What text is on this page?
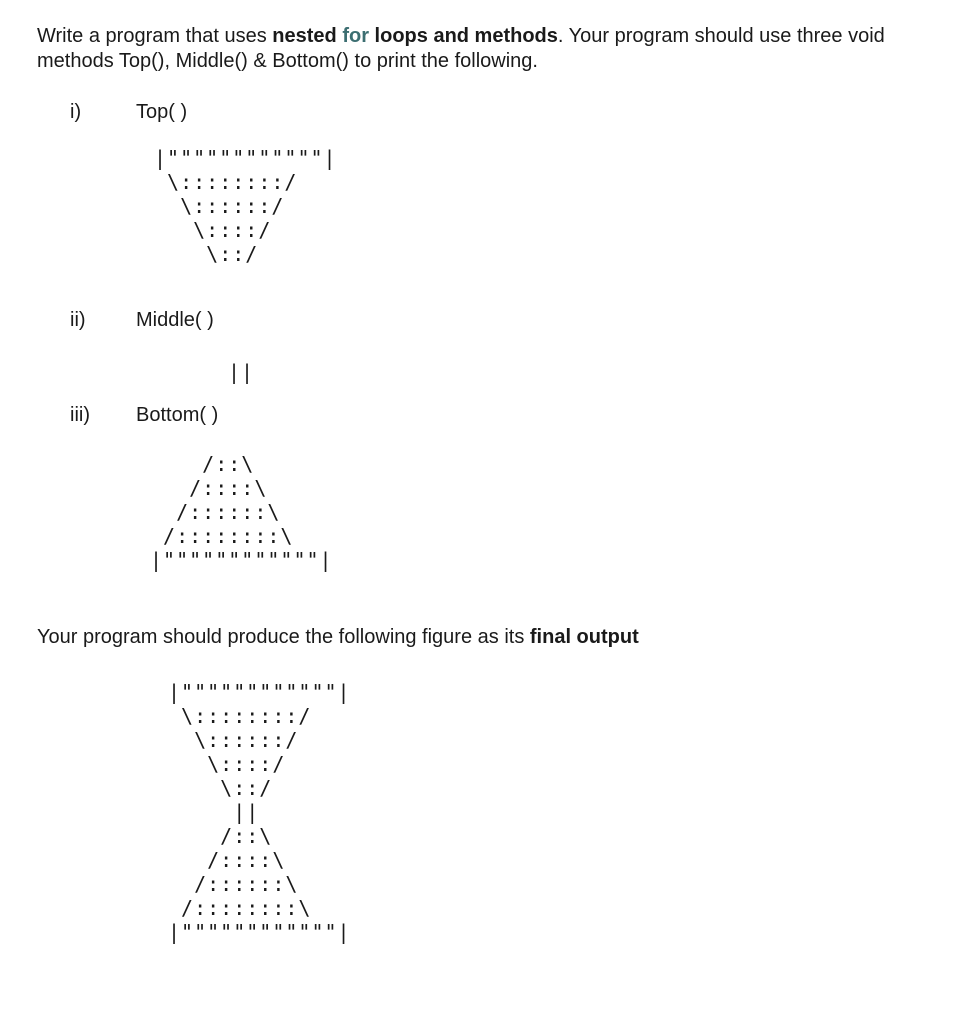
Write a program that uses nested for loops and methods. Your program should use three void methods Top(), Middle() & Bottom() to print the following.

i)	Top( )
|""""""""""""|
\::::::::/
\::::::/
\::::/
\::/
ii)	Middle( )
||
iii) Bottom( )
/::\
/::::\
/::::::\
/::::::::\
|""""""""""""|

Your program should produce the following figure as its final output

|""""""""""""|
\::::::::/
\::::::/
\::::/
\::/
||
/::\
/::::\
/::::::\
/::::::::\
|""""""""""""|
